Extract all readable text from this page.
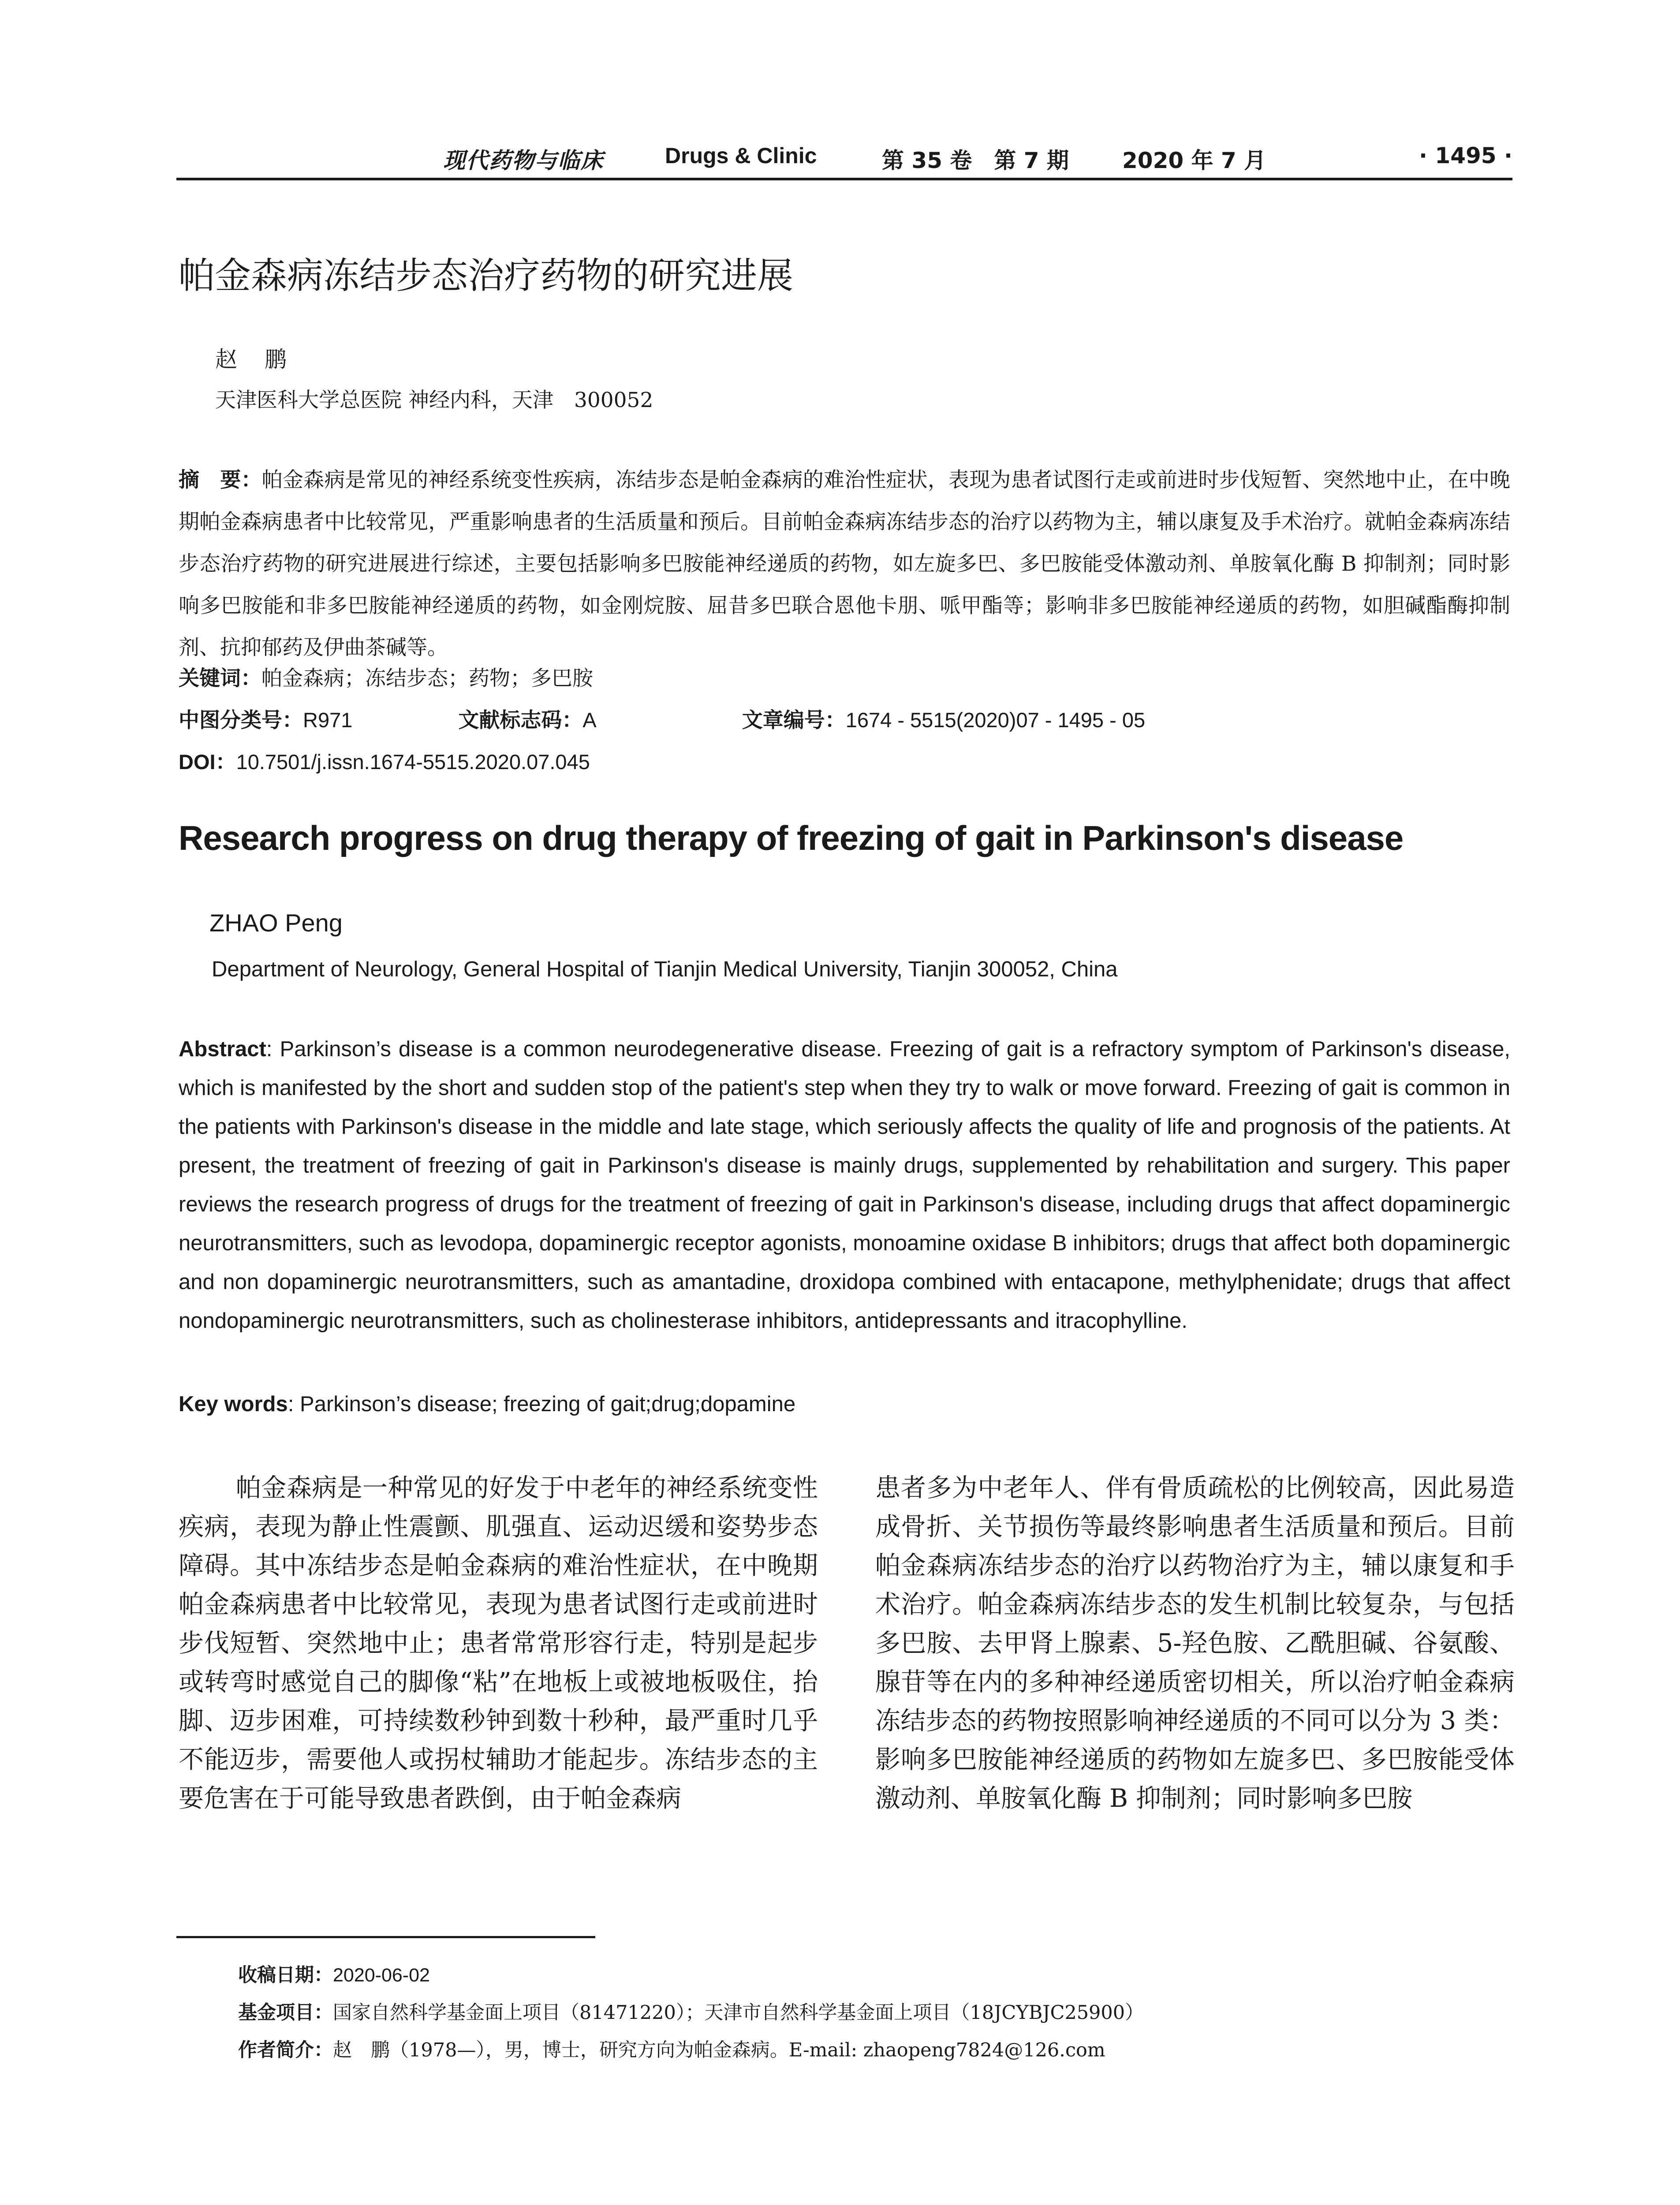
现代药物与临床	Drugs & Clinic	第 35 卷　第 7 期 2020 年 7 月	· 1495 ·
帕金森病冻结步态治疗药物的研究进展
赵　鹏
天津医科大学总医院 神经内科，天津　300052

摘　要：帕金森病是常见的神经系统变性疾病，冻结步态是帕金森病的难治性症状，表现为患者试图行走或前进时步伐短暂、突然地中止，在中晚期帕金森病患者中比较常见，严重影响患者的生活质量和预后。目前帕金森病冻结步态的治疗以药物为主，辅以康复及手术治疗。就帕金森病冻结步态治疗药物的研究进展进行综述，主要包括影响多巴胺能神经递质的药物，如左旋多巴、多巴胺能受体激动剂、单胺氧化酶 B 抑制剂；同时影响多巴胺能和非多巴胺能神经递质的药物，如金刚烷胺、屈昔多巴联合恩他卡朋、哌甲酯等；影响非多巴胺能神经递质的药物，如胆碱酯酶抑制剂、抗抑郁药及伊曲茶碱等。

关键词：帕金森病；冻结步态；药物；多巴胺

中图分类号：R971	文献标志码：A	文章编号：1674 - 5515(2020)07 - 1495 - 05

DOI：10.7501/j.issn.1674-5515.2020.07.045

Research progress on drug therapy of freezing of gait in Parkinson's disease
ZHAO Peng
Department of Neurology, General Hospital of Tianjin Medical University, Tianjin 300052, China

Abstract: Parkinson’s disease is a common neurodegenerative disease. Freezing of gait is a refractory symptom of Parkinson's disease, which is manifested by the short and sudden stop of the patient's step when they try to walk or move forward. Freezing of gait is common in the patients with Parkinson's disease in the middle and late stage, which seriously affects the quality of life and prognosis of the patients. At present, the treatment of freezing of gait in Parkinson's disease is mainly drugs, supplemented by rehabilitation and surgery. This paper reviews the research progress of drugs for the treatment of freezing of gait in Parkinson's disease, including drugs that affect dopaminergic neurotransmitters, such as levodopa, dopaminergic receptor agonists, monoamine oxidase B inhibitors; drugs that affect both dopaminergic and non dopaminergic neurotransmitters, such as amantadine, droxidopa combined with entacapone, methylphenidate; drugs that affect nondopaminergic neurotransmitters, such as cholinesterase inhibitors, antidepressants and itracophylline.

Key words: Parkinson’s disease; freezing of gait;drug;dopamine

帕金森病是一种常见的好发于中老年的神经系统变性疾病，表现为静止性震颤、肌强直、运动迟缓和姿势步态障碍。其中冻结步态是帕金森病的难治性症状，在中晚期帕金森病患者中比较常见，表现为患者试图行走或前进时步伐短暂、突然地中止；患者常常形容行走，特别是起步或转弯时感觉自己的脚像“粘”在地板上或被地板吸住，抬脚、迈步困难，可持续数秒钟到数十秒种，最严重时几乎不能迈步，需要他人或拐杖辅助才能起步。冻结步态的主要危害在于可能导致患者跌倒，由于帕金森病

患者多为中老年人、伴有骨质疏松的比例较高，因此易造成骨折、关节损伤等最终影响患者生活质量和预后。目前帕金森病冻结步态的治疗以药物治疗为主，辅以康复和手术治疗。帕金森病冻结步态的发生机制比较复杂，与包括多巴胺、去甲肾上腺素、5-羟色胺、乙酰胆碱、谷氨酸、腺苷等在内的多种神经递质密切相关，所以治疗帕金森病冻结步态的药物按照影响神经递质的不同可以分为 3 类：影响多巴胺能神经递质的药物如左旋多巴、多巴胺能受体激动剂、单胺氧化酶 B 抑制剂；同时影响多巴胺

收稿日期：2020-06-02
基金项目：国家自然科学基金面上项目（81471220）；天津市自然科学基金面上项目（18JCYBJC25900）
作者简介：赵　鹏（1978—），男，博士，研究方向为帕金森病。E-mail: zhaopeng7824@126.com
